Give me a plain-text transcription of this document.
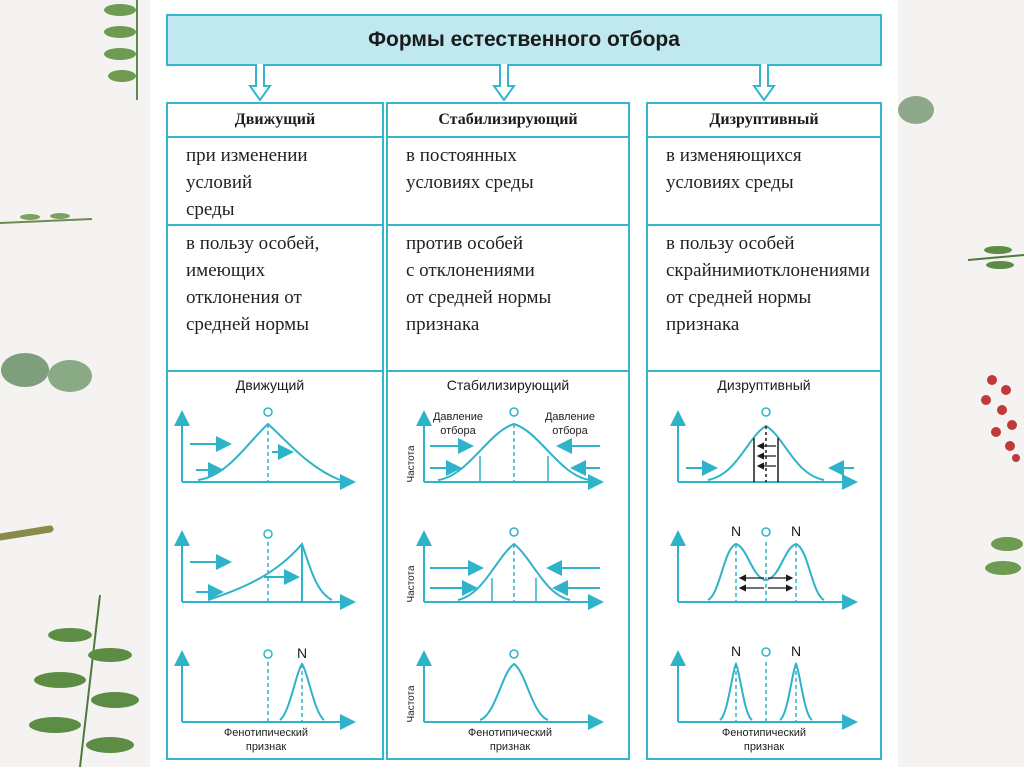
Формы естественного отбора
Движущий
при изменении условий
среды
в пользу особей, имеющих
отклонения от
средней нормы
Движущий
N
Фенотипический
признак
Стабилизирующий
в постоянных
условиях среды
против особей
с отклонениями
от средней нормы признака
Стабилизирующий
Давление
отбора
Давление
отбора
Частота
Частота
Частота
Фенотипический
признак
Дизруптивный
в изменяющихся
условиях среды
в пользу особей
скрайнимиотклонениями от средней нормы признака
Дизруптивный
N	N
N	N
Фенотипический
признак
